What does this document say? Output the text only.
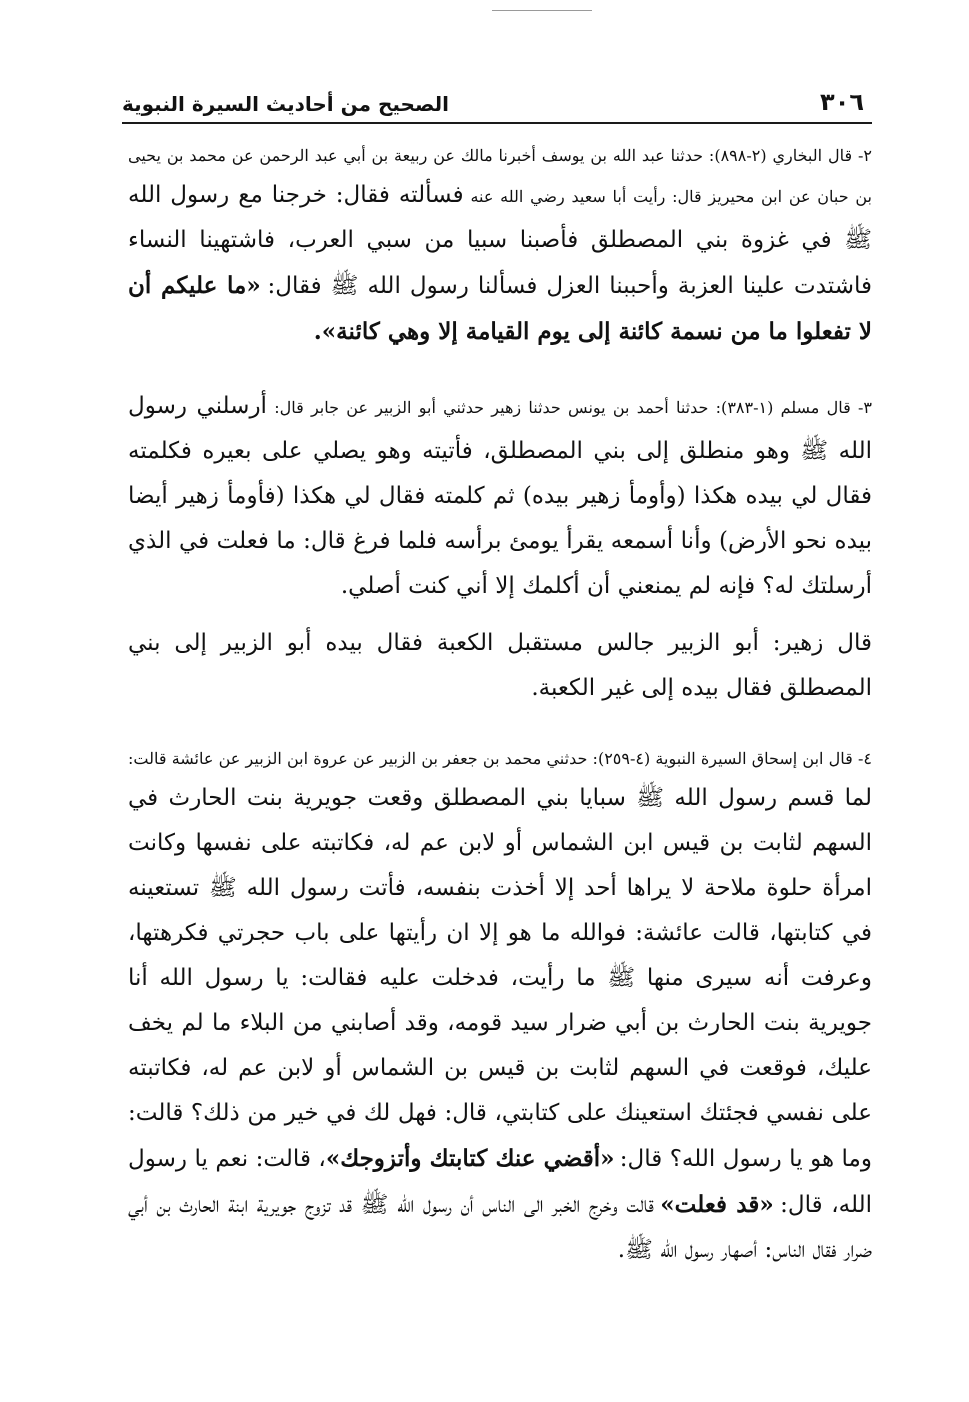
٣٠٦
الصحيح من أحاديث السيرة النبوية

٢- قال البخاري (٢-٨٩٨): حدثنا عبد الله بن يوسف أخبرنا مالك عن ربيعة بن أبي عبد الرحمن عن محمد بن يحيى بن حبان عن ابن محيريز قال: رأيت أبا سعيد رضي الله عنه فسألته فقال: خرجنا مع رسول الله ﷺ في غزوة بني المصطلق فأصبنا سبيا من سبي العرب، فاشتهينا النساء فاشتدت علينا العزبة وأحببنا العزل فسألنا رسول الله ﷺ فقال: «ما عليكم أن لا تفعلوا ما من نسمة كائنة إلى يوم القيامة إلا وهي كائنة».

٣- قال مسلم (١-٣٨٣): حدثنا أحمد بن يونس حدثنا زهير حدثني أبو الزبير عن جابر قال: أرسلني رسول الله ﷺ وهو منطلق إلى بني المصطلق، فأتيته وهو يصلي على بعيره فكلمته فقال لي بيده هكذا (وأومأ زهير بيده) ثم كلمته فقال لي هكذا (فأومأ زهير أيضا بيده نحو الأرض) وأنا أسمعه يقرأ يومئ برأسه فلما فرغ قال: ما فعلت في الذي أرسلتك له؟ فإنه لم يمنعني أن أكلمك إلا أني كنت أصلي.

قال زهير: أبو الزبير جالس مستقبل الكعبة فقال بيده أبو الزبير إلى بني المصطلق فقال بيده إلى غير الكعبة.

٤- قال ابن إسحاق السيرة النبوية (٤-٢٥٩): حدثني محمد بن جعفر بن الزبير عن عروة ابن الزبير عن عائشة قالت: لما قسم رسول الله ﷺ سبايا بني المصطلق وقعت جويرية بنت الحارث في السهم لثابت بن قيس ابن الشماس أو لابن عم له، فكاتبته على نفسها وكانت امرأة حلوة ملاحة لا يراها أحد إلا أخذت بنفسه، فأتت رسول الله ﷺ تستعينه في كتابتها، قالت عائشة: فوالله ما هو إلا ان رأيتها على باب حجرتي فكرهتها، وعرفت أنه سيرى منها ﷺ ما رأيت، فدخلت عليه فقالت: يا رسول الله أنا جويرية بنت الحارث بن أبي ضرار سيد قومه، وقد أصابني من البلاء ما لم يخف عليك، فوقعت في السهم لثابت بن قيس بن الشماس أو لابن عم له، فكاتبته على نفسي فجئتك استعينك على كتابتي، قال: فهل لك في خير من ذلك؟ قالت: وما هو يا رسول الله؟ قال: «أقضي عنك كتابتك وأتزوجك»، قالت: نعم يا رسول الله، قال: «قد فعلت» قالت وخرج الخبر الى الناس أن رسول الله ﷺ قد تزوج جويرية ابنة الحارث بن أبي ضرار فقال الناس: أصهار رسول الله ﷺ.
